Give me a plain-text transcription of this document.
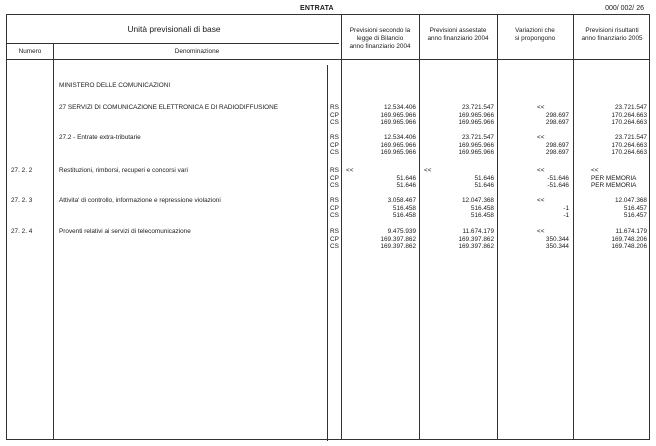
ENTRATA	000/ 002/ 26
Unità previsionali di base
Numero	Denominazione
Previsioni secondo la
legge di Bilancio
anno finanziario 2004
Previsioni assestate
anno finanziario 2004
Variazioni che
si propongono
Previsioni risultanti
anno finanziario 2005
MINISTERO DELLE COMUNICAZIONI
27 SERVIZI DI COMUNICAZIONE ELETTRONICA E DI RADIODIFFUSIONE	RS	12.534.406	23.721.547	<<	23.721.547
CP	169.965.966	169.965.966	298.697	170.264.663
CS	169.965.966	169.965.966	298.697	170.264.663
27.2 - Entrate extra-tributarie	RS	12.534.406	23.721.547	<<	23.721.547
CP	169.965.966	169.965.966	298.697	170.264.663
CS	169.965.966	169.965.966	298.697	170.264.663
27. 2. 2	Restituzioni, rimborsi, recuperi e concorsi vari	RS	<<	<<	<<	<<
CP	51.646	51.646	-51.646	PER MEMORIA
CS	51.646	51.646	-51.646	PER MEMORIA
27. 2. 3	Attivita' di controllo, informazione e repressione violazioni	RS	3.058.467	12.047.368	<<	12.047.368
CP	516.458	516.458	-1	516.457
CS	516.458	516.458	-1	516.457
27. 2. 4	Proventi relativi ai servizi di telecomunicazione	RS	9.475.939	11.674.179	<<	11.674.179
CP	169.397.862	169.397.862	350.344	169.748.206
CS	169.397.862	169.397.862	350.344	169.748.206
